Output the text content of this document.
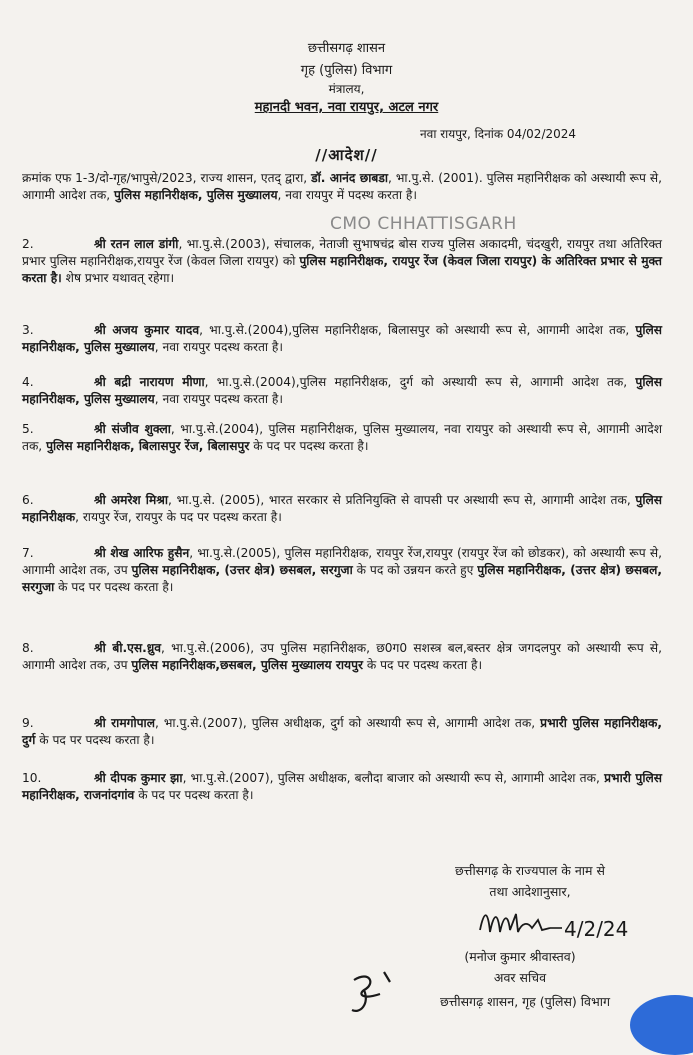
छत्तीसगढ़ शासन
गृह (पुलिस) विभाग
मंत्रालय,
महानदी भवन, नवा रायपुर, अटल नगर
नवा रायपुर, दिनांक 04/02/2024
//आदेश//
CMO CHHATTISGARH
क्रमांक एफ 1-3/दो-गृह/भापुसे/2023, राज्य शासन, एतद् द्वारा, डॉ. आनंद छाबडा, भा.पु.से. (2001). पुलिस महानिरीक्षक को अस्थायी रूप से, आगामी आदेश तक, पुलिस महानिरीक्षक, पुलिस मुख्यालय, नवा रायपुर में पदस्थ करता है।
2.	श्री रतन लाल डांगी, भा.पु.से.(2003), संचालक, नेताजी सुभाषचंद्र बोस राज्य पुलिस अकादमी, चंदखुरी, रायपुर तथा अतिरिक्त प्रभार पुलिस महानिरीक्षक,रायपुर रेंज (केवल जिला रायपुर) को पुलिस महानिरीक्षक, रायपुर रेंज (केवल जिला रायपुर) के अतिरिक्त प्रभार से मुक्त करता है। शेष प्रभार यथावत् रहेगा।
3.	श्री अजय कुमार यादव, भा.पु.से.(2004),पुलिस महानिरीक्षक, बिलासपुर को अस्थायी रूप से, आगामी आदेश तक, पुलिस महानिरीक्षक, पुलिस मुख्यालय, नवा रायपुर पदस्थ करता है।
4.	श्री बद्री नारायण मीणा, भा.पु.से.(2004),पुलिस महानिरीक्षक, दुर्ग को अस्थायी रूप से, आगामी आदेश तक, पुलिस महानिरीक्षक, पुलिस मुख्यालय, नवा रायपुर पदस्थ करता है।
5.	श्री संजीव शुक्ला, भा.पु.से.(2004), पुलिस महानिरीक्षक, पुलिस मुख्यालय, नवा रायपुर को अस्थायी रूप से, आगामी आदेश तक, पुलिस महानिरीक्षक, बिलासपुर रेंज, बिलासपुर के पद पर पदस्थ करता है।
6.	श्री अमरेश मिश्रा, भा.पु.से. (2005), भारत सरकार से प्रतिनियुक्ति से वापसी पर अस्थायी रूप से, आगामी आदेश तक, पुलिस महानिरीक्षक, रायपुर रेंज, रायपुर के पद पर पदस्थ करता है।
7.	श्री शेख आरिफ हुसैन, भा.पु.से.(2005), पुलिस महानिरीक्षक, रायपुर रेंज,रायपुर (रायपुर रेंज को छोडकर), को अस्थायी रूप से, आगामी आदेश तक, उप पुलिस महानिरीक्षक, (उत्तर क्षेत्र) छसबल, सरगुजा के पद को उन्नयन करते हुए पुलिस महानिरीक्षक, (उत्तर क्षेत्र) छसबल, सरगुजा के पद पर पदस्थ करता है।
8.	श्री बी.एस.ध्रुव, भा.पु.से.(2006), उप पुलिस महानिरीक्षक, छ0ग0 सशस्त्र बल,बस्तर क्षेत्र जगदलपुर को अस्थायी रूप से, आगामी आदेश तक, उप पुलिस महानिरीक्षक,छसबल, पुलिस मुख्यालय रायपुर के पद पर पदस्थ करता है।
9.	श्री रामगोपाल, भा.पु.से.(2007), पुलिस अधीक्षक, दुर्ग को अस्थायी रूप से, आगामी आदेश तक, प्रभारी पुलिस महानिरीक्षक, दुर्ग के पद पर पदस्थ करता है।
10.	श्री दीपक कुमार झा, भा.पु.से.(2007), पुलिस अधीक्षक, बलौदा बाजार को अस्थायी रूप से, आगामी आदेश तक, प्रभारी पुलिस महानिरीक्षक, राजनांदगांव के पद पर पदस्थ करता है।
छत्तीसगढ़ के राज्यपाल के नाम से
तथा आदेशानुसार,
4/2/24
(मनोज कुमार श्रीवास्तव)
अवर सचिव
छत्तीसगढ़ शासन, गृह (पुलिस) विभाग
